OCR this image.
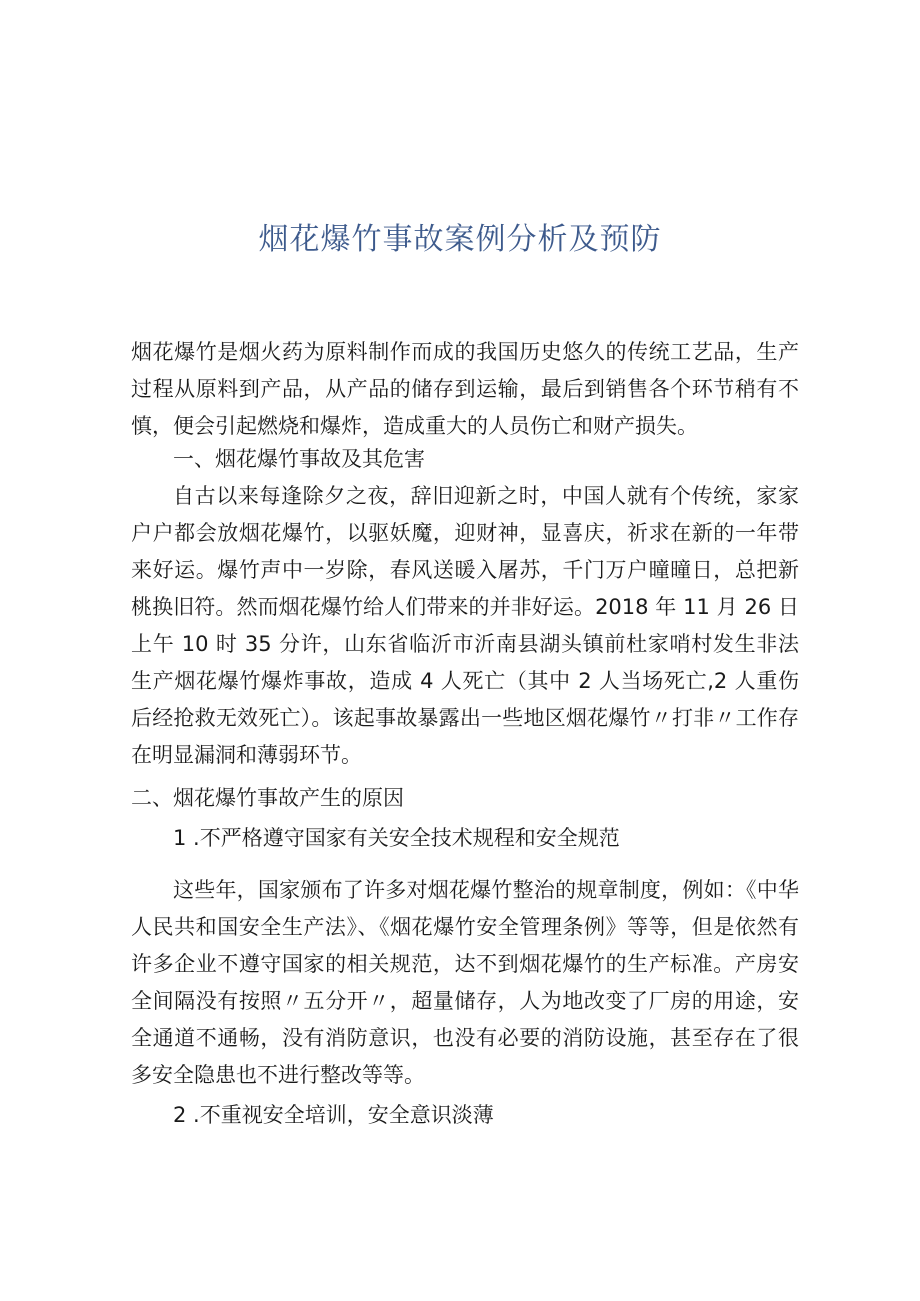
烟花爆竹事故案例分析及预防

烟花爆竹是烟火药为原料制作而成的我国历史悠久的传统工艺品，生产过程从原料到产品，从产品的储存到运输，最后到销售各个环节稍有不慎，便会引起燃烧和爆炸，造成重大的人员伤亡和财产损失。

一、烟花爆竹事故及其危害

自古以来每逢除夕之夜，辞旧迎新之时，中国人就有个传统，家家户户都会放烟花爆竹，以驱妖魔，迎财神，显喜庆，祈求在新的一年带来好运。爆竹声中一岁除，春风送暖入屠苏，千门万户曈曈日，总把新桃换旧符。然而烟花爆竹给人们带来的并非好运。2018 年 11 月 26 日上午 10 时 35 分许，山东省临沂市沂南县湖头镇前杜家哨村发生非法生产烟花爆竹爆炸事故，造成 4 人死亡（其中 2 人当场死亡,2 人重伤后经抢救无效死亡）。该起事故暴露出一些地区烟花爆竹〃打非〃工作存在明显漏洞和薄弱环节。

二、烟花爆竹事故产生的原因

1 .不严格遵守国家有关安全技术规程和安全规范

这些年，国家颁布了许多对烟花爆竹整治的规章制度，例如：《中华人民共和国安全生产法》、《烟花爆竹安全管理条例》等等，但是依然有许多企业不遵守国家的相关规范，达不到烟花爆竹的生产标准。产房安全间隔没有按照〃五分开〃，超量储存，人为地改变了厂房的用途，安全通道不通畅，没有消防意识，也没有必要的消防设施，甚至存在了很多安全隐患也不进行整改等等。

2 .不重视安全培训，安全意识淡薄
